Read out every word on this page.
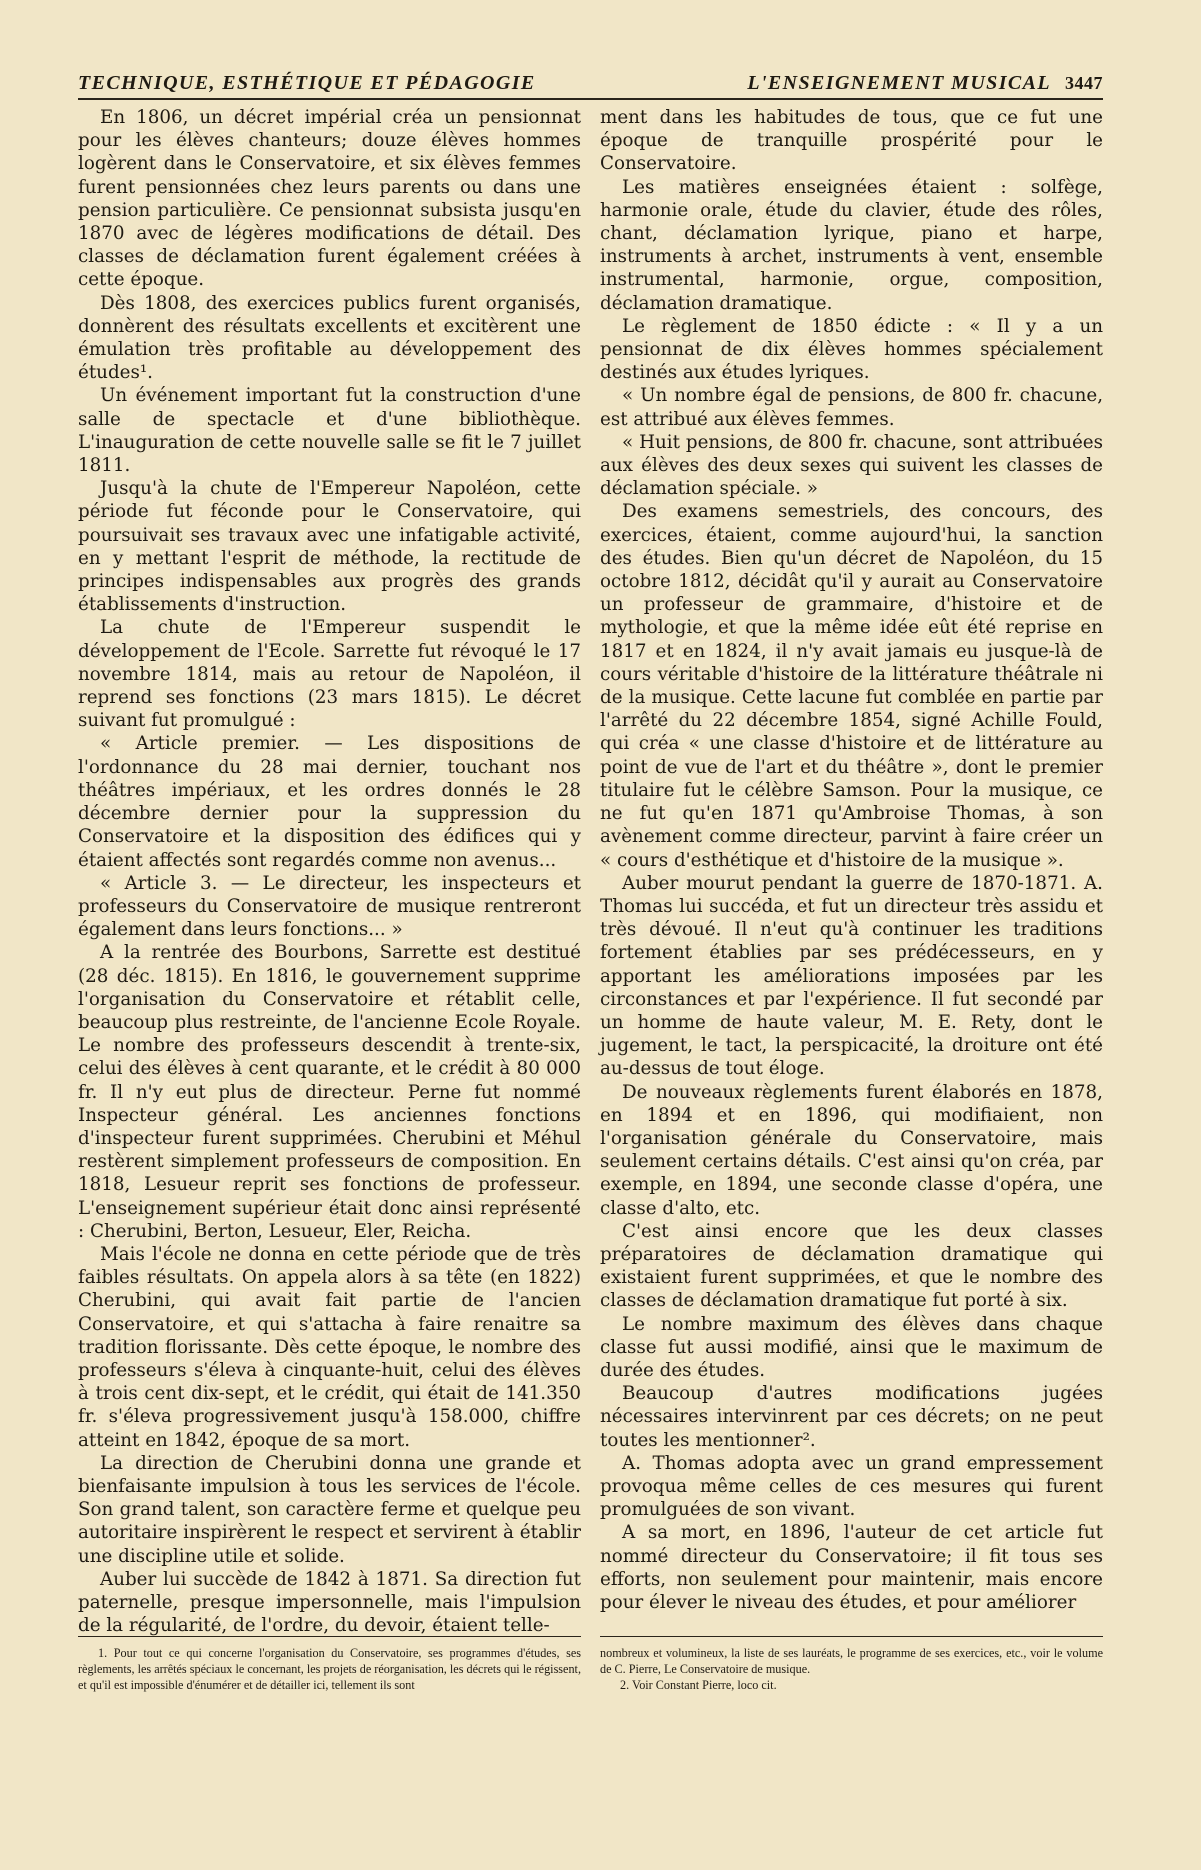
TECHNIQUE, ESTHÉTIQUE ET PÉDAGOGIE	L'ENSEIGNEMENT MUSICAL 3447

En 1806, un décret impérial créa un pensionnat pour les élèves chanteurs; douze élèves hommes logèrent dans le Conservatoire, et six élèves femmes furent pensionnées chez leurs parents ou dans une pension particulière. Ce pensionnat subsista jusqu'en 1870 avec de légères modifications de détail. Des classes de déclamation furent également créées à cette époque.

Dès 1808, des exercices publics furent organisés, donnèrent des résultats excellents et excitèrent une émulation très profitable au développement des études¹.

Un événement important fut la construction d'une salle de spectacle et d'une bibliothèque. L'inauguration de cette nouvelle salle se fit le 7 juillet 1811.

Jusqu'à la chute de l'Empereur Napoléon, cette période fut féconde pour le Conservatoire, qui poursuivait ses travaux avec une infatigable activité, en y mettant l'esprit de méthode, la rectitude de principes indispensables aux progrès des grands établissements d'instruction.

La chute de l'Empereur suspendit le développement de l'Ecole. Sarrette fut révoqué le 17 novembre 1814, mais au retour de Napoléon, il reprend ses fonctions (23 mars 1815). Le décret suivant fut promulgué :

« Article premier. — Les dispositions de l'ordonnance du 28 mai dernier, touchant nos théâtres impériaux, et les ordres donnés le 28 décembre dernier pour la suppression du Conservatoire et la disposition des édifices qui y étaient affectés sont regardés comme non avenus...

« Article 3. — Le directeur, les inspecteurs et professeurs du Conservatoire de musique rentreront également dans leurs fonctions... »

A la rentrée des Bourbons, Sarrette est destitué (28 déc. 1815). En 1816, le gouvernement supprime l'organisation du Conservatoire et rétablit celle, beaucoup plus restreinte, de l'ancienne Ecole Royale. Le nombre des professeurs descendit à trente-six, celui des élèves à cent quarante, et le crédit à 80 000 fr. Il n'y eut plus de directeur. Perne fut nommé Inspecteur général. Les anciennes fonctions d'inspecteur furent supprimées. Cherubini et Méhul restèrent simplement professeurs de composition. En 1818, Lesueur reprit ses fonctions de professeur. L'enseignement supérieur était donc ainsi représenté : Cherubini, Berton, Lesueur, Eler, Reicha.

Mais l'école ne donna en cette période que de très faibles résultats. On appela alors à sa tête (en 1822) Cherubini, qui avait fait partie de l'ancien Conservatoire, et qui s'attacha à faire renaitre sa tradition florissante. Dès cette époque, le nombre des professeurs s'éleva à cinquante-huit, celui des élèves à trois cent dix-sept, et le crédit, qui était de 141.350 fr. s'éleva progressivement jusqu'à 158.000, chiffre atteint en 1842, époque de sa mort.

La direction de Cherubini donna une grande et bienfaisante impulsion à tous les services de l'école. Son grand talent, son caractère ferme et quelque peu autoritaire inspirèrent le respect et servirent à établir une discipline utile et solide.

Auber lui succède de 1842 à 1871. Sa direction fut paternelle, presque impersonnelle, mais l'impulsion de la régularité, de l'ordre, du devoir, étaient telle-

ment dans les habitudes de tous, que ce fut une époque de tranquille prospérité pour le Conservatoire.

Les matières enseignées étaient : solfège, harmonie orale, étude du clavier, étude des rôles, chant, déclamation lyrique, piano et harpe, instruments à archet, instruments à vent, ensemble instrumental, harmonie, orgue, composition, déclamation dramatique.

Le règlement de 1850 édicte : « Il y a un pensionnat de dix élèves hommes spécialement destinés aux études lyriques.

« Un nombre égal de pensions, de 800 fr. chacune, est attribué aux élèves femmes.

« Huit pensions, de 800 fr. chacune, sont attribuées aux élèves des deux sexes qui suivent les classes de déclamation spéciale. »

Des examens semestriels, des concours, des exercices, étaient, comme aujourd'hui, la sanction des études. Bien qu'un décret de Napoléon, du 15 octobre 1812, décidât qu'il y aurait au Conservatoire un professeur de grammaire, d'histoire et de mythologie, et que la même idée eût été reprise en 1817 et en 1824, il n'y avait jamais eu jusque-là de cours véritable d'histoire de la littérature théâtrale ni de la musique. Cette lacune fut comblée en partie par l'arrêté du 22 décembre 1854, signé Achille Fould, qui créa « une classe d'histoire et de littérature au point de vue de l'art et du théâtre », dont le premier titulaire fut le célèbre Samson. Pour la musique, ce ne fut qu'en 1871 qu'Ambroise Thomas, à son avènement comme directeur, parvint à faire créer un « cours d'esthétique et d'histoire de la musique ».

Auber mourut pendant la guerre de 1870-1871. A. Thomas lui succéda, et fut un directeur très assidu et très dévoué. Il n'eut qu'à continuer les traditions fortement établies par ses prédécesseurs, en y apportant les améliorations imposées par les circonstances et par l'expérience. Il fut secondé par un homme de haute valeur, M. E. Rety, dont le jugement, le tact, la perspicacité, la droiture ont été au-dessus de tout éloge.

De nouveaux règlements furent élaborés en 1878, en 1894 et en 1896, qui modifiaient, non l'organisation générale du Conservatoire, mais seulement certains détails. C'est ainsi qu'on créa, par exemple, en 1894, une seconde classe d'opéra, une classe d'alto, etc.

C'est ainsi encore que les deux classes préparatoires de déclamation dramatique qui existaient furent supprimées, et que le nombre des classes de déclamation dramatique fut porté à six.

Le nombre maximum des élèves dans chaque classe fut aussi modifié, ainsi que le maximum de durée des études.

Beaucoup d'autres modifications jugées nécessaires intervinrent par ces décrets; on ne peut toutes les mentionner².

A. Thomas adopta avec un grand empressement provoqua même celles de ces mesures qui furent promulguées de son vivant.

A sa mort, en 1896, l'auteur de cet article fut nommé directeur du Conservatoire; il fit tous ses efforts, non seulement pour maintenir, mais encore pour élever le niveau des études, et pour améliorer

1. Pour tout ce qui concerne l'organisation du Conservatoire, ses programmes d'études, ses règlements, les arrêtés spéciaux le concernant, les projets de réorganisation, les décrets qui le régissent, et qu'il est impossible d'énumérer et de détailler ici, tellement ils sont

nombreux et volumineux, la liste de ses lauréats, le programme de ses exercices, etc., voir le volume de C. Pierre, Le Conservatoire de musique.

2. Voir Constant Pierre, loco cit.
